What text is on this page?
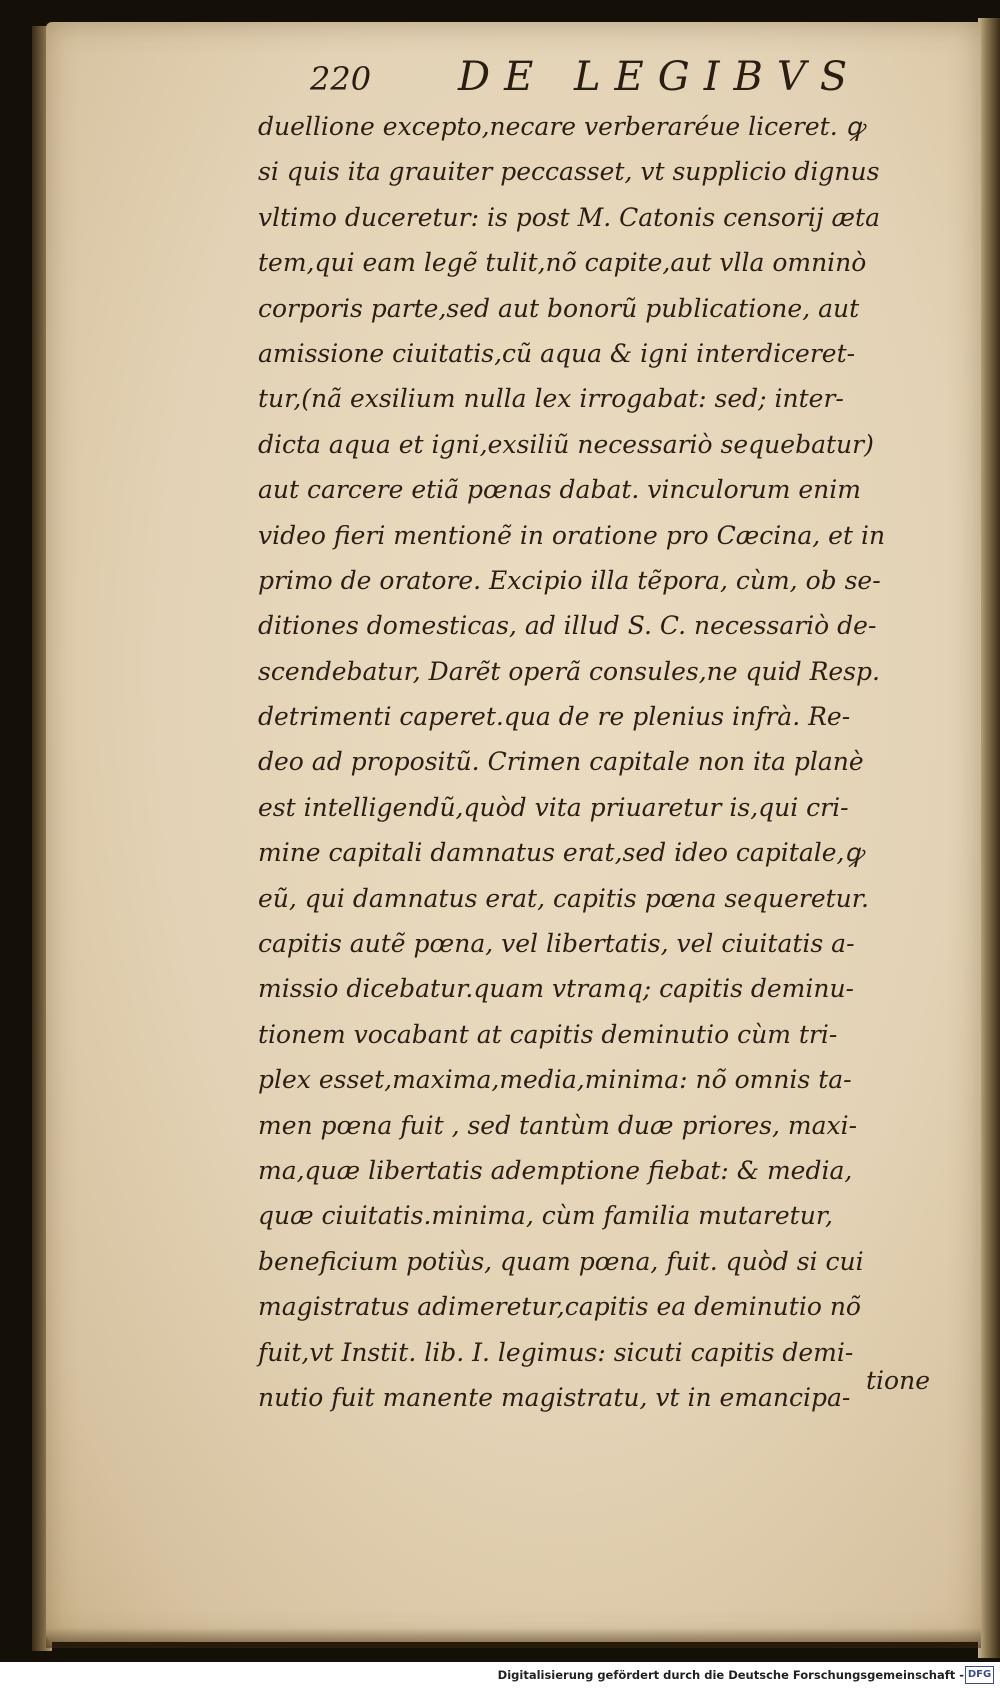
220 DE LEGIBVS
duellione excepto,necare verberaréue liceret. ꝙ
si quis ita grauiter peccasset, vt supplicio dignus
vltimo duceretur: is post M. Catonis censorij æta
tem,qui eam legẽ tulit,nõ capite,aut vlla omninò
corporis parte,sed aut bonorũ publicatione, aut
amissione ciuitatis,cũ aqua & igni interdiceret-
tur,(nã exsilium nulla lex irrogabat: sed; inter-
dicta aqua et igni,exsiliũ necessariò sequebatur)
aut carcere etiã pœnas dabat. vinculorum enim
video fieri mentionẽ in oratione pro Cæcina, et in
primo de oratore. Excipio illa tẽpora, cùm, ob se-
ditiones domesticas, ad illud S. C. necessariò de-
scendebatur, Darẽt operã consules,ne quid Resp.
detrimenti caperet.qua de re plenius infrà. Re-
deo ad propositũ. Crimen capitale non ita planè
est intelligendũ,quòd vita priuaretur is,qui cri-
mine capitali damnatus erat,sed ideo capitale,ꝙ
eũ, qui damnatus erat, capitis pœna sequeretur.
capitis autẽ pœna, vel libertatis, vel ciuitatis a-
missio dicebatur.quam vtramq; capitis deminu-
tionem vocabant at capitis deminutio cùm tri-
plex esset,maxima,media,minima: nõ omnis ta-
men pœna fuit , sed tantùm duæ priores, maxi-
ma,quæ libertatis ademptione fiebat: & media,
quæ ciuitatis.minima, cùm familia mutaretur,
beneficium potiùs, quam pœna, fuit. quòd si cui
magistratus adimeretur,capitis ea deminutio nõ
fuit,vt Instit. lib. I. legimus: sicuti capitis demi-
nutio fuit manente magistratu, vt in emancipa-
tione
Digitalisierung gefördert durch die Deutsche Forschungsgemeinschaft - DFG
